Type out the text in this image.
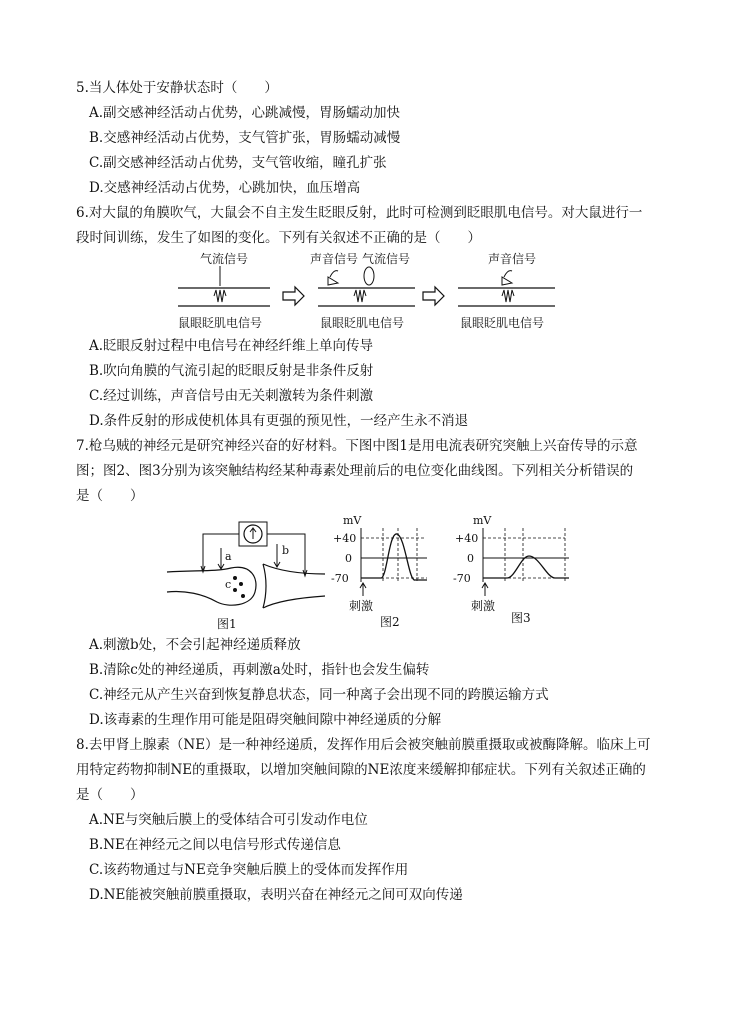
5.当人体处于安静状态时（　　）
A.副交感神经活动占优势，心跳减慢，胃肠蠕动加快
B.交感神经活动占优势，支气管扩张，胃肠蠕动减慢
C.副交感神经活动占优势，支气管收缩，瞳孔扩张
D.交感神经活动占优势，心跳加快，血压增高
6.对大鼠的角膜吹气，大鼠会不自主发生眨眼反射，此时可检测到眨眼肌电信号。对大鼠进行一
段时间训练，发生了如图的变化。下列有关叙述不正确的是（　　）
气流信号
鼠眼眨肌电信号
声音信号 气流信号
鼠眼眨肌电信号
声音信号
鼠眼眨肌电信号
A.眨眼反射过程中电信号在神经纤维上单向传导
B.吹向角膜的气流引起的眨眼反射是非条件反射
C.经过训练，声音信号由无关刺激转为条件刺激
D.条件反射的形成使机体具有更强的预见性，一经产生永不消退
7.枪乌贼的神经元是研究神经兴奋的好材料。下图中图1是用电流表研究突触上兴奋传导的示意
图；图2、图3分别为该突触结构经某种毒素处理前后的电位变化曲线图。下列相关分析错误的
是（　　）
a	b
c
图1
mV
+40
0
-70
刺激
图2
mV
+40
0
-70
刺激
图3
A.刺激b处，不会引起神经递质释放
B.清除c处的神经递质，再刺激a处时，指针也会发生偏转
C.神经元从产生兴奋到恢复静息状态，同一种离子会出现不同的跨膜运输方式
D.该毒素的生理作用可能是阻碍突触间隙中神经递质的分解
8.去甲肾上腺素（NE）是一种神经递质，发挥作用后会被突触前膜重摄取或被酶降解。临床上可
用特定药物抑制NE的重摄取，以增加突触间隙的NE浓度来缓解抑郁症状。下列有关叙述正确的
是（　　）
A.NE与突触后膜上的受体结合可引发动作电位
B.NE在神经元之间以电信号形式传递信息
C.该药物通过与NE竞争突触后膜上的受体而发挥作用
D.NE能被突触前膜重摄取，表明兴奋在神经元之间可双向传递
